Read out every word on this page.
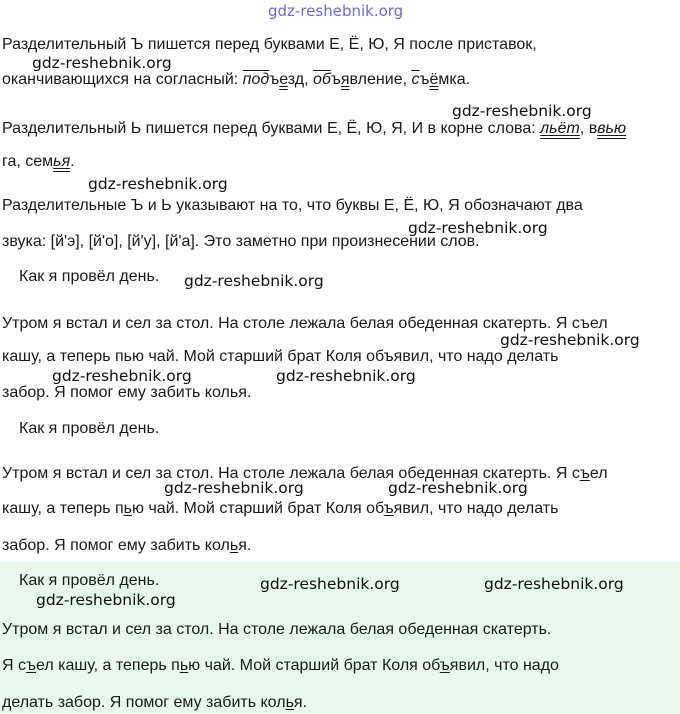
gdz-reshebnik.org
gdz-reshebnik.org
gdz-reshebnik.org
gdz-reshebnik.org
gdz-reshebnik.org
gdz-reshebnik.org
gdz-reshebnik.org
gdz-reshebnik.org	gdz-reshebnik.org
gdz-reshebnik.org	gdz-reshebnik.org
gdz-reshebnik.org	gdz-reshebnik.org
gdz-reshebnik.org
Разделительный Ъ пишется перед буквами Е, Ё, Ю, Я после приставок,
оканчивающихся на согласный: подъезд, объявление, съёмка.
Разделительный Ь пишется перед буквами Е, Ё, Ю, Я, И в корне слова: льёт, ввью
га, семья.
Разделительные Ъ и Ь указывают на то, что буквы Е, Ё, Ю, Я обозначают два
звука: [й'э], [й'о], [й'у], [й'а]. Это заметно при произнесении слов.
Как я провёл день.
Утром я встал и сел за стол. На столе лежала белая обеденная скатерть. Я съел
кашу, а теперь пью чай. Мой старший брат Коля объявил, что надо делать
забор. Я помог ему забить колья.
Как я провёл день.
Утром я встал и сел за стол. На столе лежала белая обеденная скатерть. Я съел
кашу, а теперь пью чай. Мой старший брат Коля объявил, что надо делать
забор. Я помог ему забить колья.
Как я провёл день.
Утром я встал и сел за стол. На столе лежала белая обеденная скатерть.
Я съел кашу, а теперь пью чай. Мой старший брат Коля объявил, что надо
делать забор. Я помог ему забить колья.
